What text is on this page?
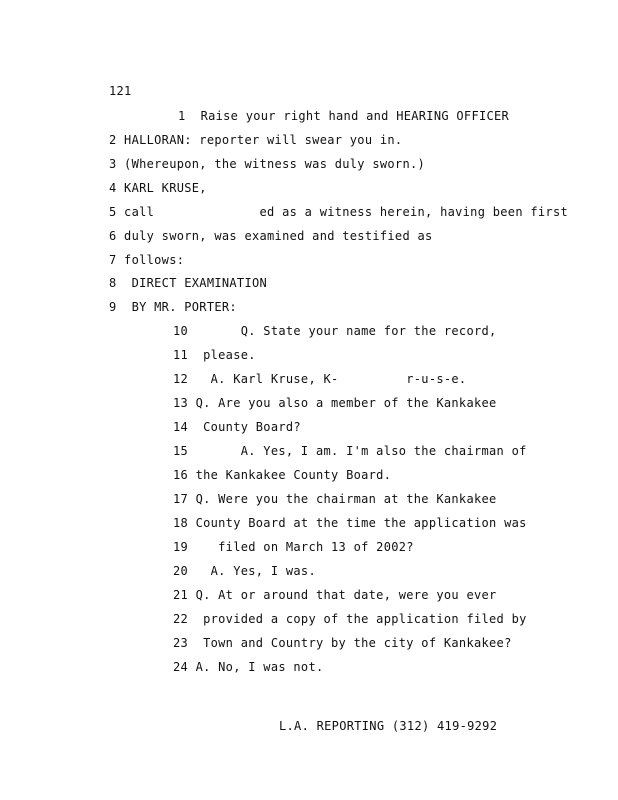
121
1  Raise your right hand and HEARING OFFICER
2 HALLORAN: reporter will swear you in.
3 (Whereupon, the witness was duly sworn.)
4 KARL KRUSE,
5 call              ed as a witness herein, having been first
6 duly sworn, was examined and testified as
7 follows:
8  DIRECT EXAMINATION
9  BY MR. PORTER:
10       Q. State your name for the record,
11  please.
12   A. Karl Kruse, K-         r-u-s-e.
13 Q. Are you also a member of the Kankakee
14  County Board?
15       A. Yes, I am. I'm also the chairman of
16 the Kankakee County Board.
17 Q. Were you the chairman at the Kankakee
18 County Board at the time the application was
19    filed on March 13 of 2002?
20   A. Yes, I was.
21 Q. At or around that date, were you ever
22  provided a copy of the application filed by
23  Town and Country by the city of Kankakee?
24 A. No, I was not.
L.A. REPORTING (312) 419-9292
